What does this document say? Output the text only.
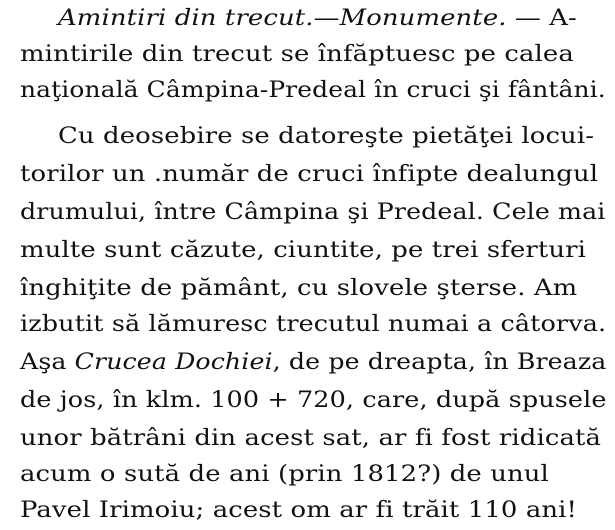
Amintiri din trecut.—Monumente. — A-
mintirile din trecut se înfăptuesc pe calea
naţională Câmpina-Predeal în cruci şi fântâni.
Cu deosebire se datoreşte pietăţei locui-
torilor un .număr de cruci înfipte dealungul
drumului, între Câmpina şi Predeal. Cele mai
multe sunt căzute, ciuntite, pe trei sferturi
înghiţite de pământ, cu slovele şterse. Am
izbutit să lămuresc trecutul numai a câtorva.
Aşa Crucea Dochiei, de pe dreapta, în Breaza
de jos, în klm. 100 + 720, care, după spusele
unor bătrâni din acest sat, ar fi fost ridicată
acum o sută de ani (prin 1812?) de unul
Pavel Irimoiu; acest om ar fi trăit 110 ani!
